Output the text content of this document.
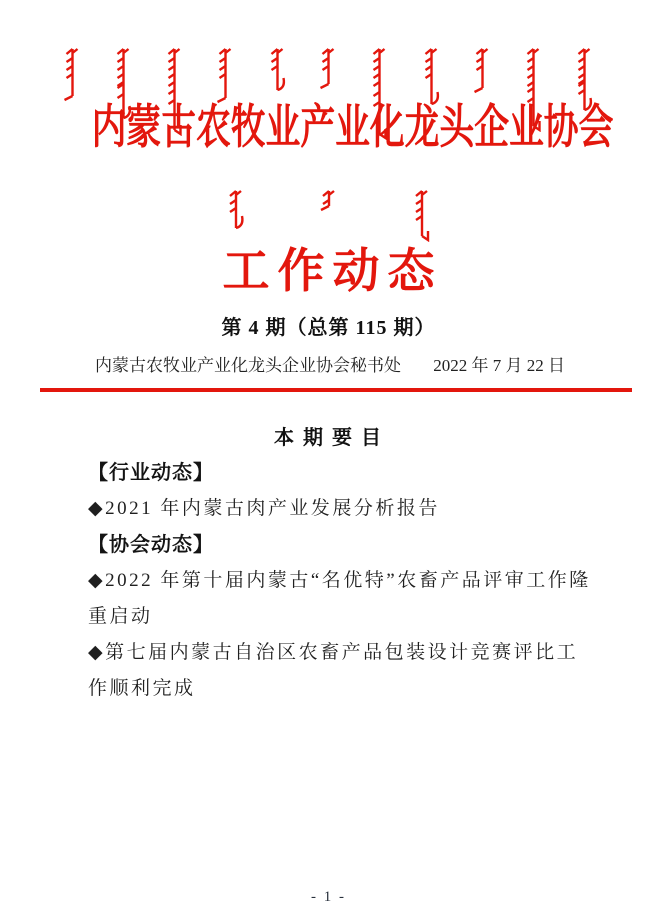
内蒙古农牧业产业化龙头企业协会
工作动态
第 4 期（总第 115 期）
内蒙古农牧业产业化龙头企业协会秘书处 2022 年 7 月 22 日
本 期 要 目

【行业动态】

◆2021 年内蒙古肉产业发展分析报告

【协会动态】

◆2022 年第十届内蒙古“名优特”农畜产品评审工作隆重启动

◆第七届内蒙古自治区农畜产品包装设计竞赛评比工作顺利完成

- 1 -
